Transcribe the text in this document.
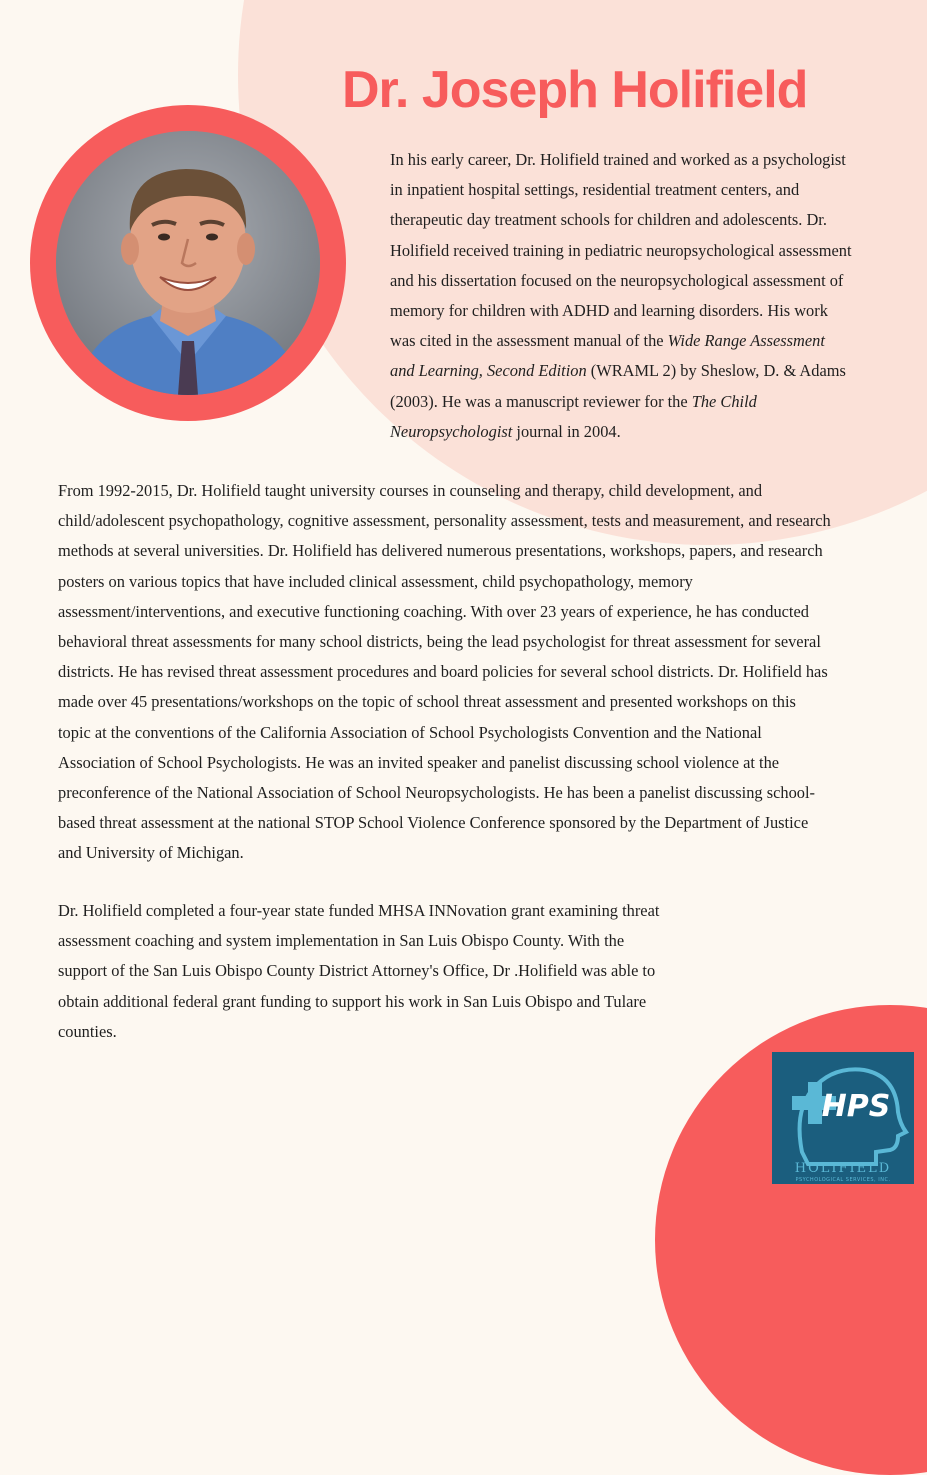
Dr. Joseph Holifield

In his early career, Dr. Holifield trained and worked as a psychologist
in inpatient hospital settings, residential treatment centers, and
therapeutic day treatment schools for children and adolescents. Dr.
Holifield received training in pediatric neuropsychological assessment
and his dissertation focused on the neuropsychological assessment of
memory for children with ADHD and learning disorders. His work
was cited in the assessment manual of the Wide Range Assessment
and Learning, Second Edition (WRAML 2) by Sheslow, D. & Adams
(2003). He was a manuscript reviewer for the The Child
Neuropsychologist journal in 2004.

From 1992-2015, Dr. Holifield taught university courses in counseling and therapy, child development, and
child/adolescent psychopathology, cognitive assessment, personality assessment, tests and measurement, and research
methods at several universities. Dr. Holifield has delivered numerous presentations, workshops, papers, and research
posters on various topics that have included clinical assessment, child psychopathology, memory
assessment/interventions, and executive functioning coaching. With over 23 years of experience, he has conducted
behavioral threat assessments for many school districts, being the lead psychologist for threat assessment for several
districts. He has revised threat assessment procedures and board policies for several school districts. Dr. Holifield has
made over 45 presentations/workshops on the topic of school threat assessment and presented workshops on this
topic at the conventions of the California Association of School Psychologists Convention and the National
Association of School Psychologists. He was an invited speaker and panelist discussing school violence at the
preconference of the National Association of School Neuropsychologists. He has been a panelist discussing school-
based threat assessment at the national STOP School Violence Conference sponsored by the Department of Justice
and University of Michigan.

Dr. Holifield completed a four-year state funded MHSA INNovation grant examining threat
assessment coaching and system implementation in San Luis Obispo County. With the
support of the San Luis Obispo County District Attorney's Office, Dr .Holifield was able to
obtain additional federal grant funding to support his work in San Luis Obispo and Tulare
counties.

HPS
HOLIFIELD
PSYCHOLOGICAL SERVICES, INC.
